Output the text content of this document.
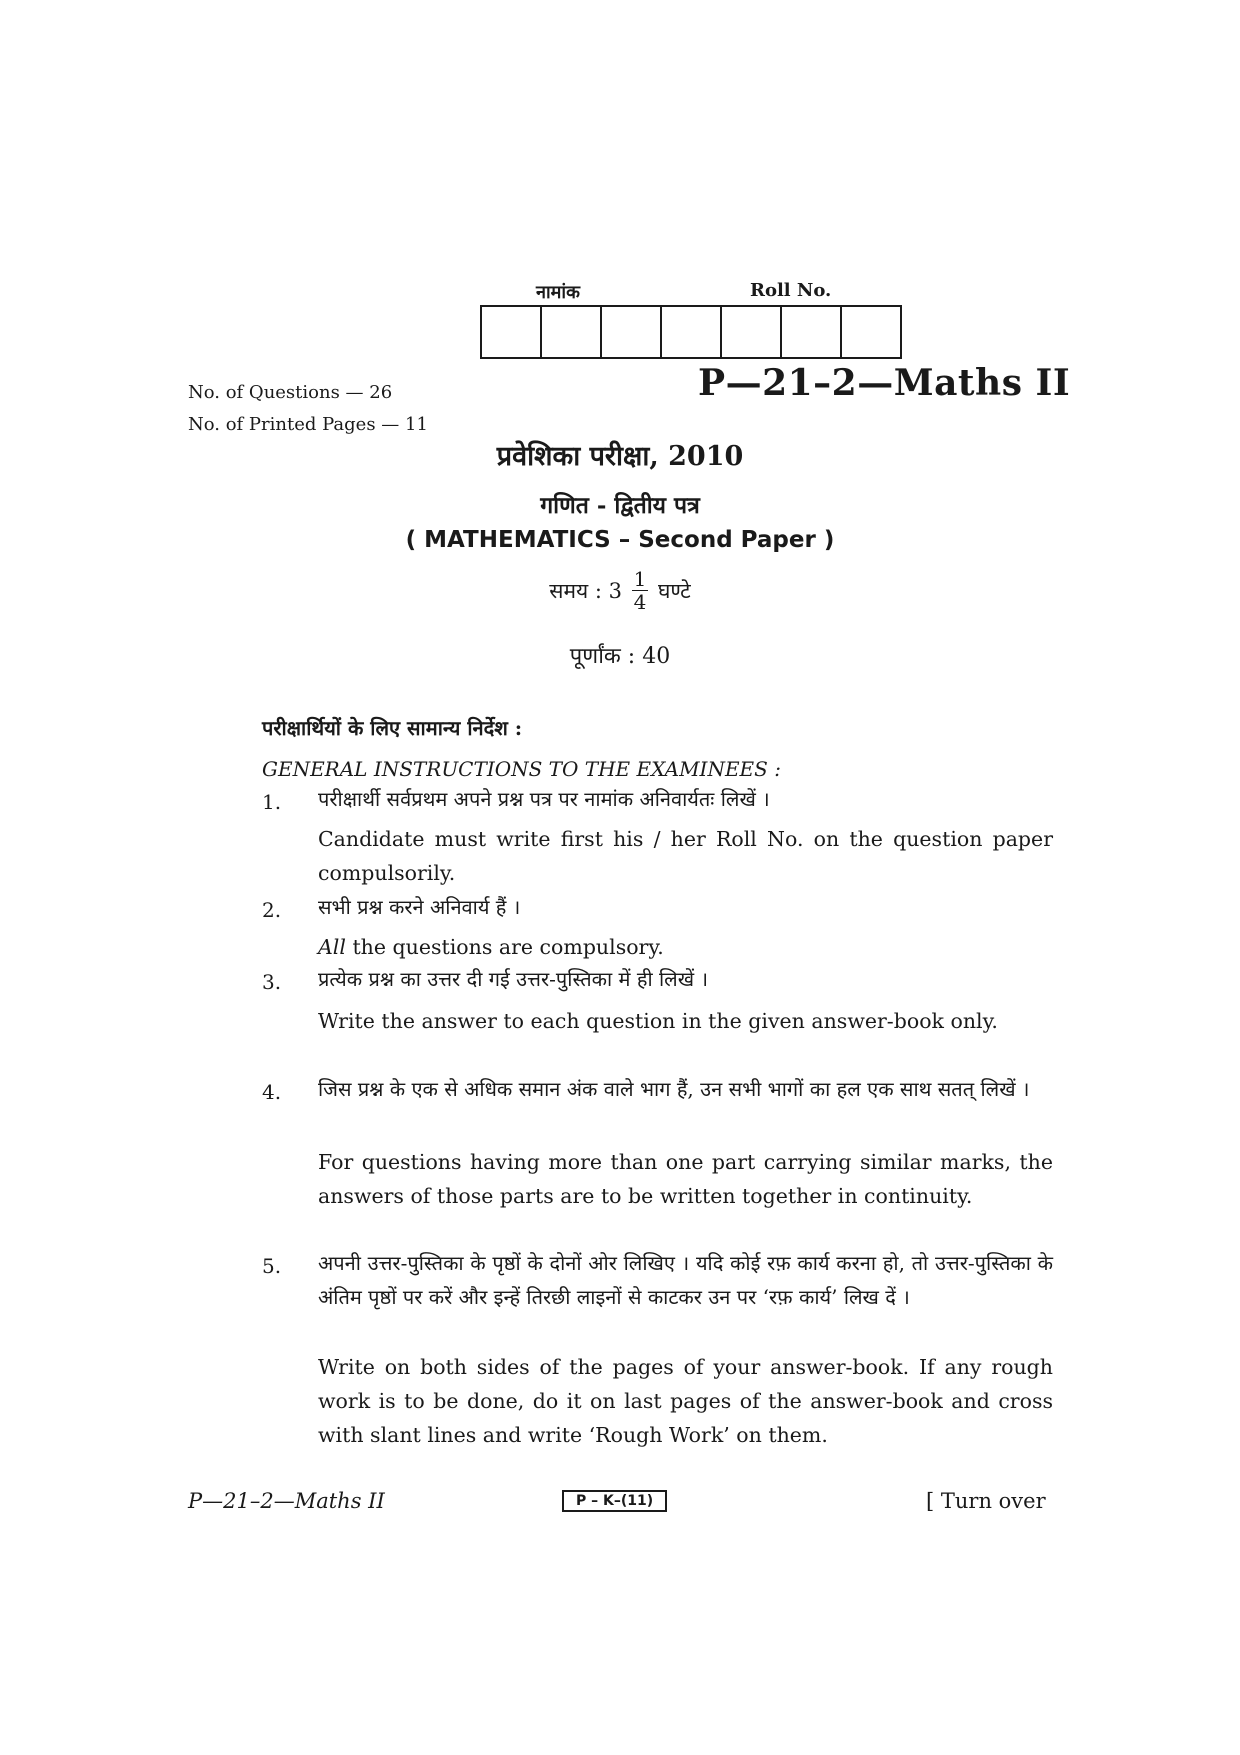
नामांक	Roll No.
No. of Questions — 26
No. of Printed Pages — 11
P—21–2—Maths II
प्रवेशिका परीक्षा, 2010
गणित - द्वितीय पत्र
( MATHEMATICS – Second Paper )
समय : $3 \frac{1}{4}$ घण्टे
पूर्णांक : 40
परीक्षार्थियों के लिए सामान्य निर्देश :
GENERAL INSTRUCTIONS TO THE EXAMINEES :
1. परीक्षार्थी सर्वप्रथम अपने प्रश्न पत्र पर नामांक अनिवार्यतः लिखें ।
Candidate must write first his / her Roll No. on the question paper compulsorily.
2. सभी प्रश्न करने अनिवार्य हैं ।
All the questions are compulsory.
3. प्रत्येक प्रश्न का उत्तर दी गई उत्तर-पुस्तिका में ही लिखें ।
Write the answer to each question in the given answer-book only.
4. जिस प्रश्न के एक से अधिक समान अंक वाले भाग हैं, उन सभी भागों का हल एक साथ सतत् लिखें ।
For questions having more than one part carrying similar marks, the answers of those parts are to be written together in continuity.
5. अपनी उत्तर-पुस्तिका के पृष्ठों के दोनों ओर लिखिए । यदि कोई रफ़ कार्य करना हो, तो उत्तर-पुस्तिका के अंतिम पृष्ठों पर करें और इन्हें तिरछी लाइनों से काटकर उन पर ‘रफ़ कार्य’ लिख दें ।
Write on both sides of the pages of your answer-book. If any rough work is to be done, do it on last pages of the answer-book and cross with slant lines and write ‘Rough Work’ on them.
P—21–2—Maths II	P – K–(11)	[ Turn over
